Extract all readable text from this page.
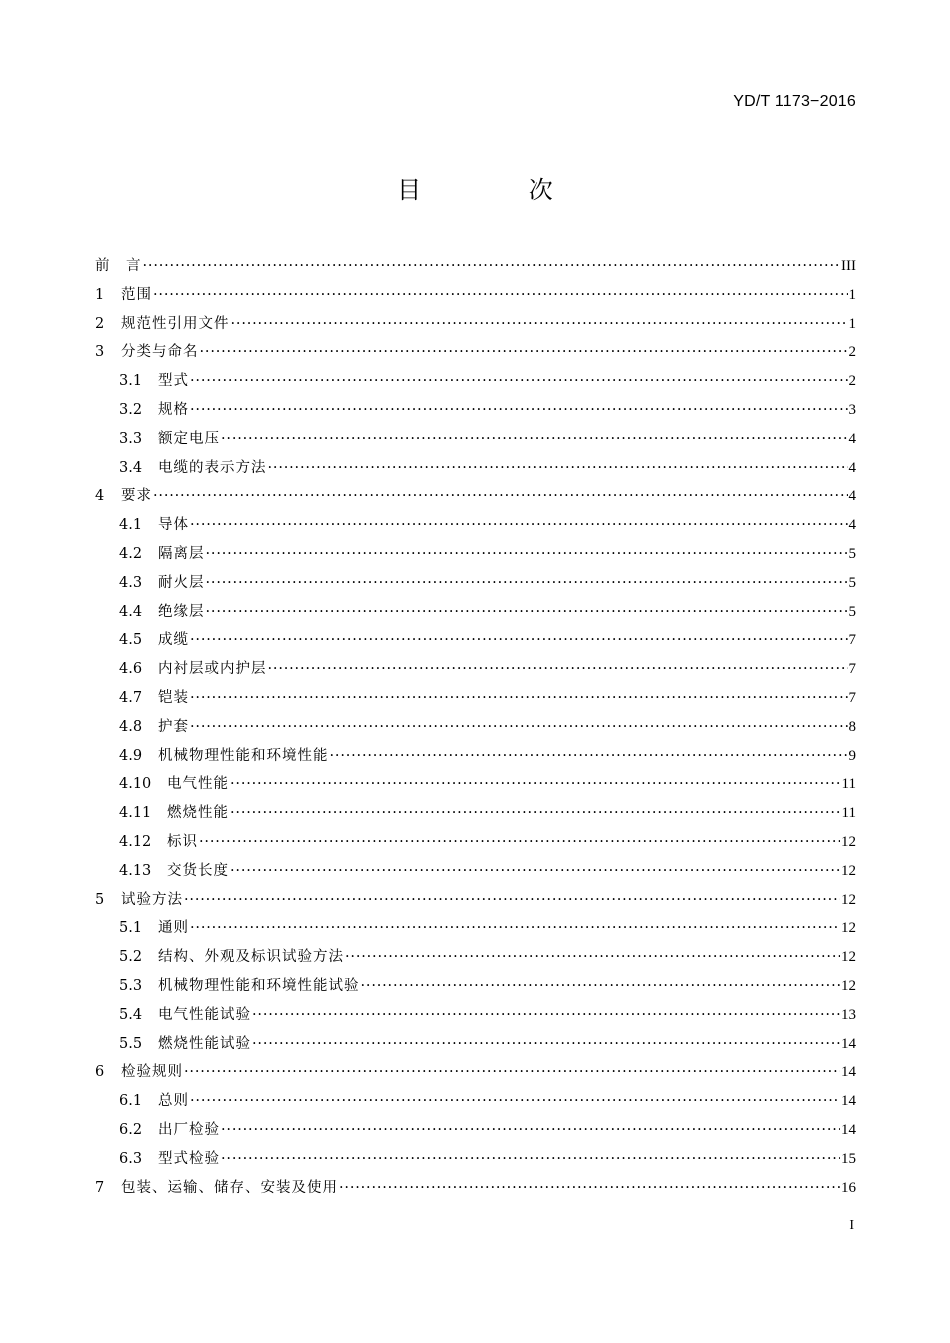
YD/T 1173−2016
目 次
前　言 ·····	III
1	范围 ·····	1
2	规范性引用文件 ·····	1
3	分类与命名 ·····	2
3.1	型式 ·····	2
3.2	规格 ·····	3
3.3	额定电压 ·····	4
3.4	电缆的表示方法 ·····	4
4	要求 ·····	4
4.1	导体 ·····	4
4.2	隔离层 ·····	5
4.3	耐火层 ·····	5
4.4	绝缘层 ·····	5
4.5	成缆 ·····	7
4.6	内衬层或内护层 ·····	7
4.7	铠装 ·····	7
4.8	护套 ·····	8
4.9	机械物理性能和环境性能 ·····	9
4.10	电气性能 ·····	11
4.11	燃烧性能 ·····	11
4.12	标识 ·····	12
4.13	交货长度 ·····	12
5	试验方法 ·····	12
5.1	通则 ·····	12
5.2	结构、外观及标识试验方法 ·····	12
5.3	机械物理性能和环境性能试验 ·····	12
5.4	电气性能试验 ·····	13
5.5	燃烧性能试验 ·····	14
6	检验规则 ·····	14
6.1	总则 ·····	14
6.2	出厂检验 ·····	14
6.3	型式检验 ·····	15
7	包装、运输、储存、安装及使用 ·····	16
I
